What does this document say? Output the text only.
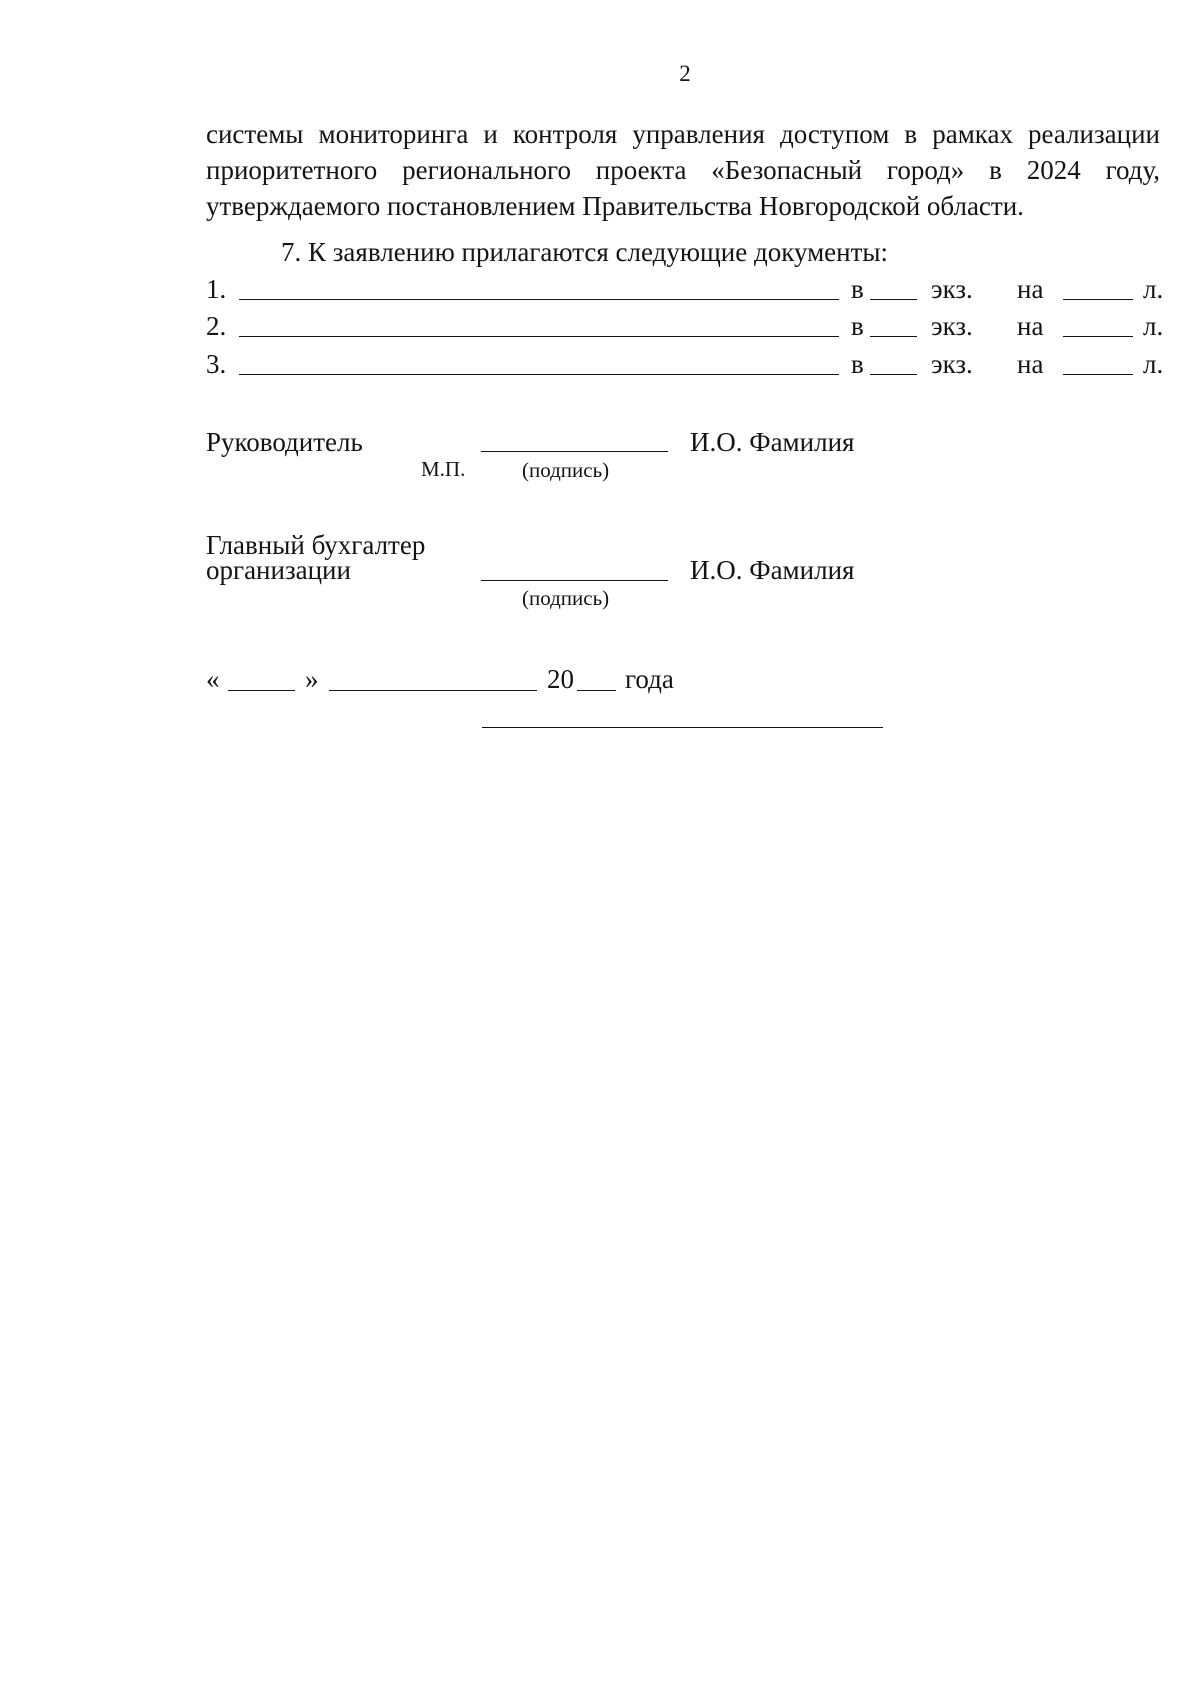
2
системы мониторинга и контроля управления доступом в рамках реализации
приоритетного регионального проекта «Безопасный город» в 2024 году,
утверждаемого постановлением Правительства Новгородской области.
7. К заявлению прилагаются следующие документы:
1.	в экз. на	л.
2.	в экз. на	л.
3.	в экз. на	л.
Руководитель	И.О. Фамилия
М.П.	(подпись)
Главный бухгалтер
организации	И.О. Фамилия
(подпись)
«	»	20 года
